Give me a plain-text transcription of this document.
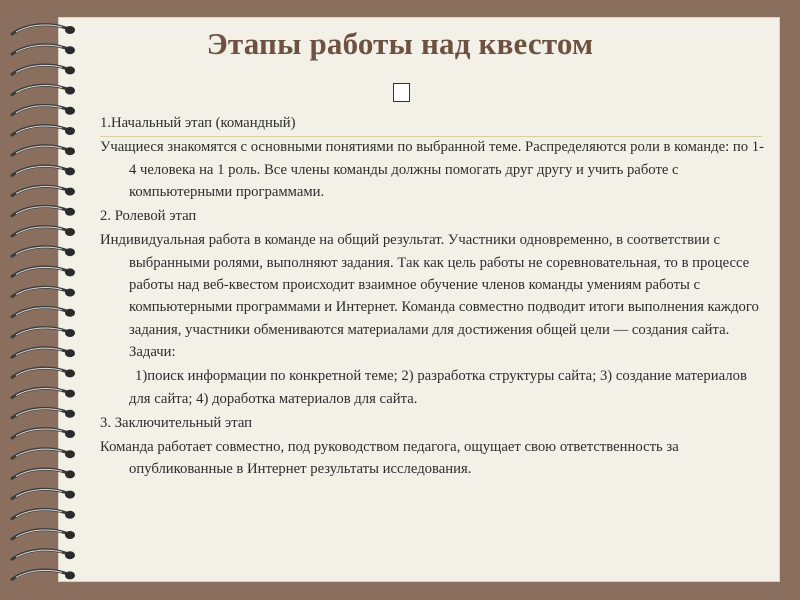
Этапы работы над квестом

1.Начальный этап (командный)

Учащиеся знакомятся с основными понятиями по выбранной теме. Распределяются роли в команде: по 1-4 человека на 1 роль. Все члены команды должны помогать друг другу и учить работе с компьютерными программами.

2. Ролевой этап

Индивидуальная работа в команде на общий результат. Участники одновременно, в соответствии с выбранными ролями, выполняют задания. Так как цель работы не соревновательная, то в процессе работы над веб-квестом происходит взаимное обучение членов команды умениям работы с компьютерными программами и Интернет. Команда совместно подводит итоги выполнения каждого задания, участники обмениваются материалами для достижения общей цели — создания сайта. Задачи:

1)поиск информации по конкретной теме; 2) разработка структуры сайта; 3) создание материалов для сайта; 4) доработка материалов для сайта.

3. Заключительный этап

Команда работает совместно, под руководством педагога, ощущает свою ответственность за опубликованные в Интернет результаты исследования.
